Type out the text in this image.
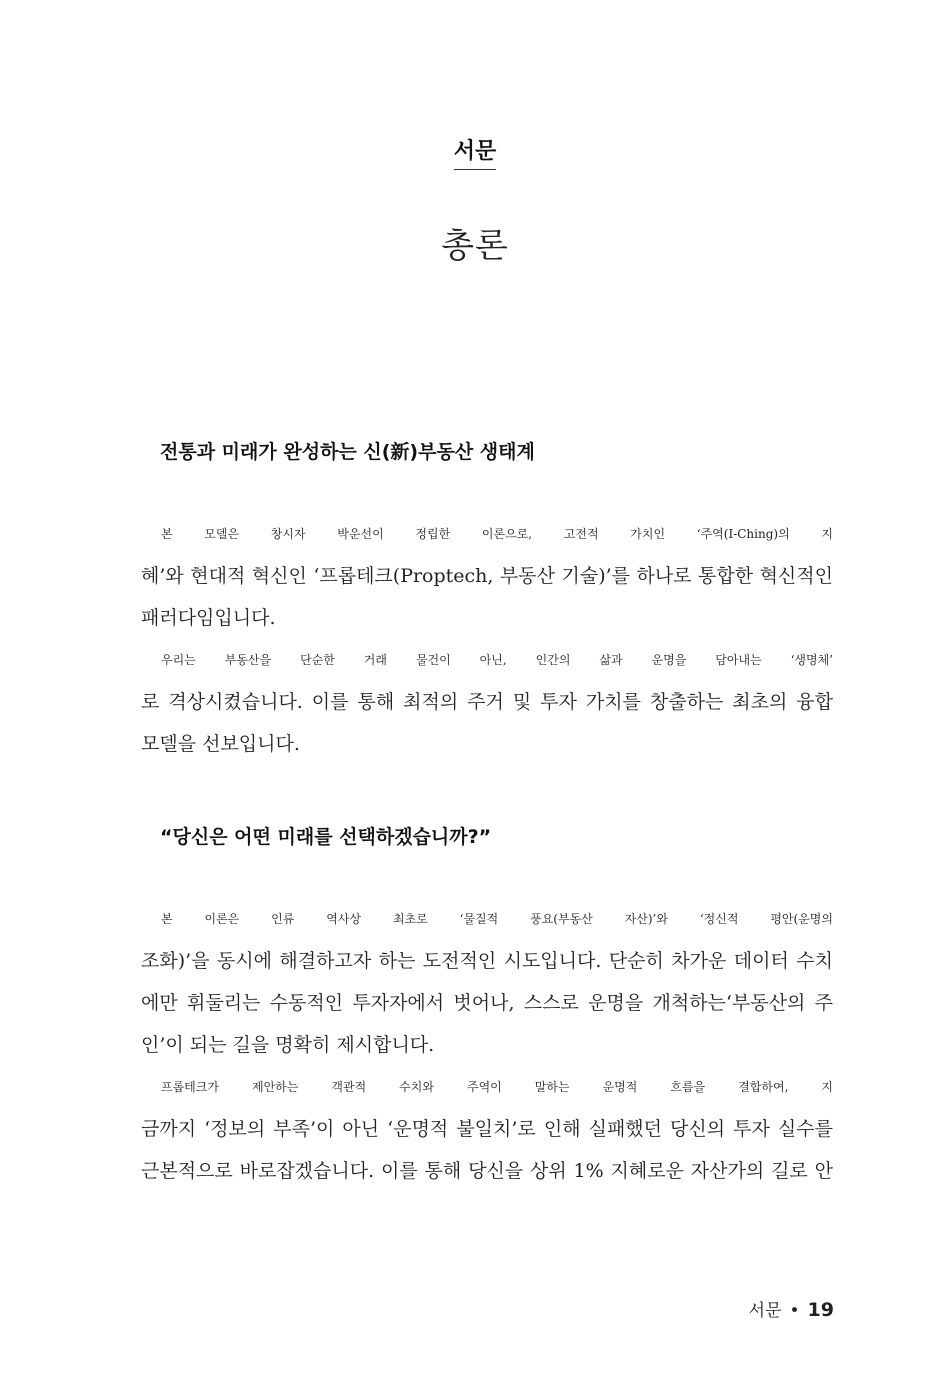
서문
총론
전통과 미래가 완성하는 신(新)부동산 생태계

본 모델은 창시자 박운선이 정립한 이론으로, 고전적 가치인 ‘주역(I-Ching)의 지
혜’와 현대적 혁신인 ‘프롭테크(Proptech, 부동산 기술)’를 하나로 통합한 혁신적인
패러다임입니다.

우리는 부동산을 단순한 거래 물건이 아닌, 인간의 삶과 운명을 담아내는 ‘생명체’
로 격상시켰습니다. 이를 통해 최적의 주거 및 투자 가치를 창출하는 최초의 융합
모델을 선보입니다.

“당신은 어떤 미래를 선택하겠습니까?”

본 이론은 인류 역사상 최초로 ‘물질적 풍요(부동산 자산)’와 ‘정신적 평안(운명의
조화)’을 동시에 해결하고자 하는 도전적인 시도입니다. 단순히 차가운 데이터 수치
에만 휘둘리는 수동적인 투자자에서 벗어나, 스스로 운명을 개척하는‘부동산의 주
인’이 되는 길을 명확히 제시합니다.

프롭테크가 제안하는 객관적 수치와 주역이 말하는 운명적 흐름을 결합하여, 지
금까지 ‘정보의 부족’이 아닌 ‘운명적 불일치’로 인해 실패했던 당신의 투자 실수를
근본적으로 바로잡겠습니다. 이를 통해 당신을 상위 1% 지혜로운 자산가의 길로 안

서문 • 19
